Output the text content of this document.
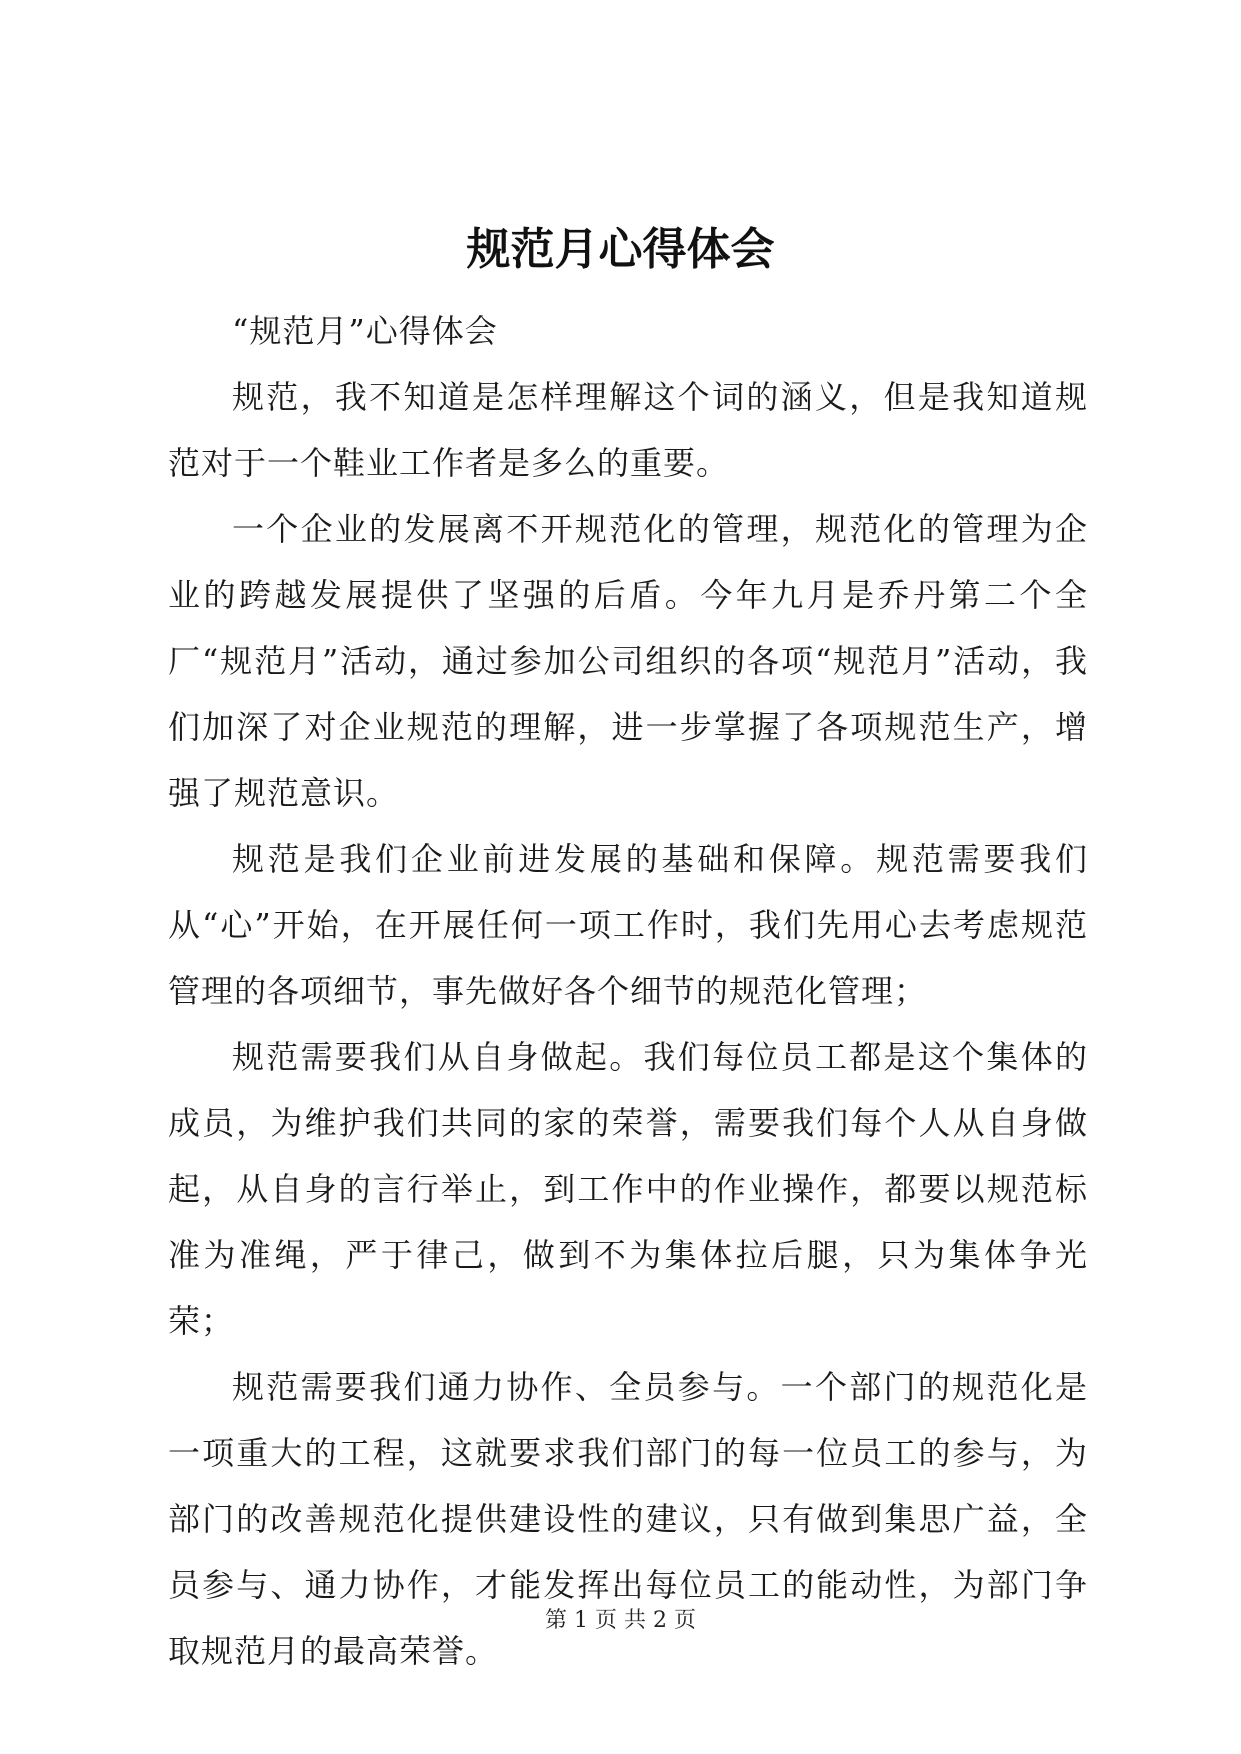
规范月心得体会

“规范月”心得体会

规范，我不知道是怎样理解这个词的涵义，但是我知道规范对于一个鞋业工作者是多么的重要。

一个企业的发展离不开规范化的管理，规范化的管理为企业的跨越发展提供了坚强的后盾。今年九月是乔丹第二个全厂“规范月”活动，通过参加公司组织的各项“规范月”活动，我们加深了对企业规范的理解，进一步掌握了各项规范生产，增强了规范意识。

规范是我们企业前进发展的基础和保障。规范需要我们从“心”开始，在开展任何一项工作时，我们先用心去考虑规范管理的各项细节，事先做好各个细节的规范化管理；

规范需要我们从自身做起。我们每位员工都是这个集体的成员，为维护我们共同的家的荣誉，需要我们每个人从自身做起，从自身的言行举止，到工作中的作业操作，都要以规范标准为准绳，严于律己，做到不为集体拉后腿，只为集体争光荣；

规范需要我们通力协作、全员参与。一个部门的规范化是一项重大的工程，这就要求我们部门的每一位员工的参与，为部门的改善规范化提供建设性的建议，只有做到集思广益，全员参与、通力协作，才能发挥出每位员工的能动性，为部门争取规范月的最高荣誉。

第 1 页 共 2 页
